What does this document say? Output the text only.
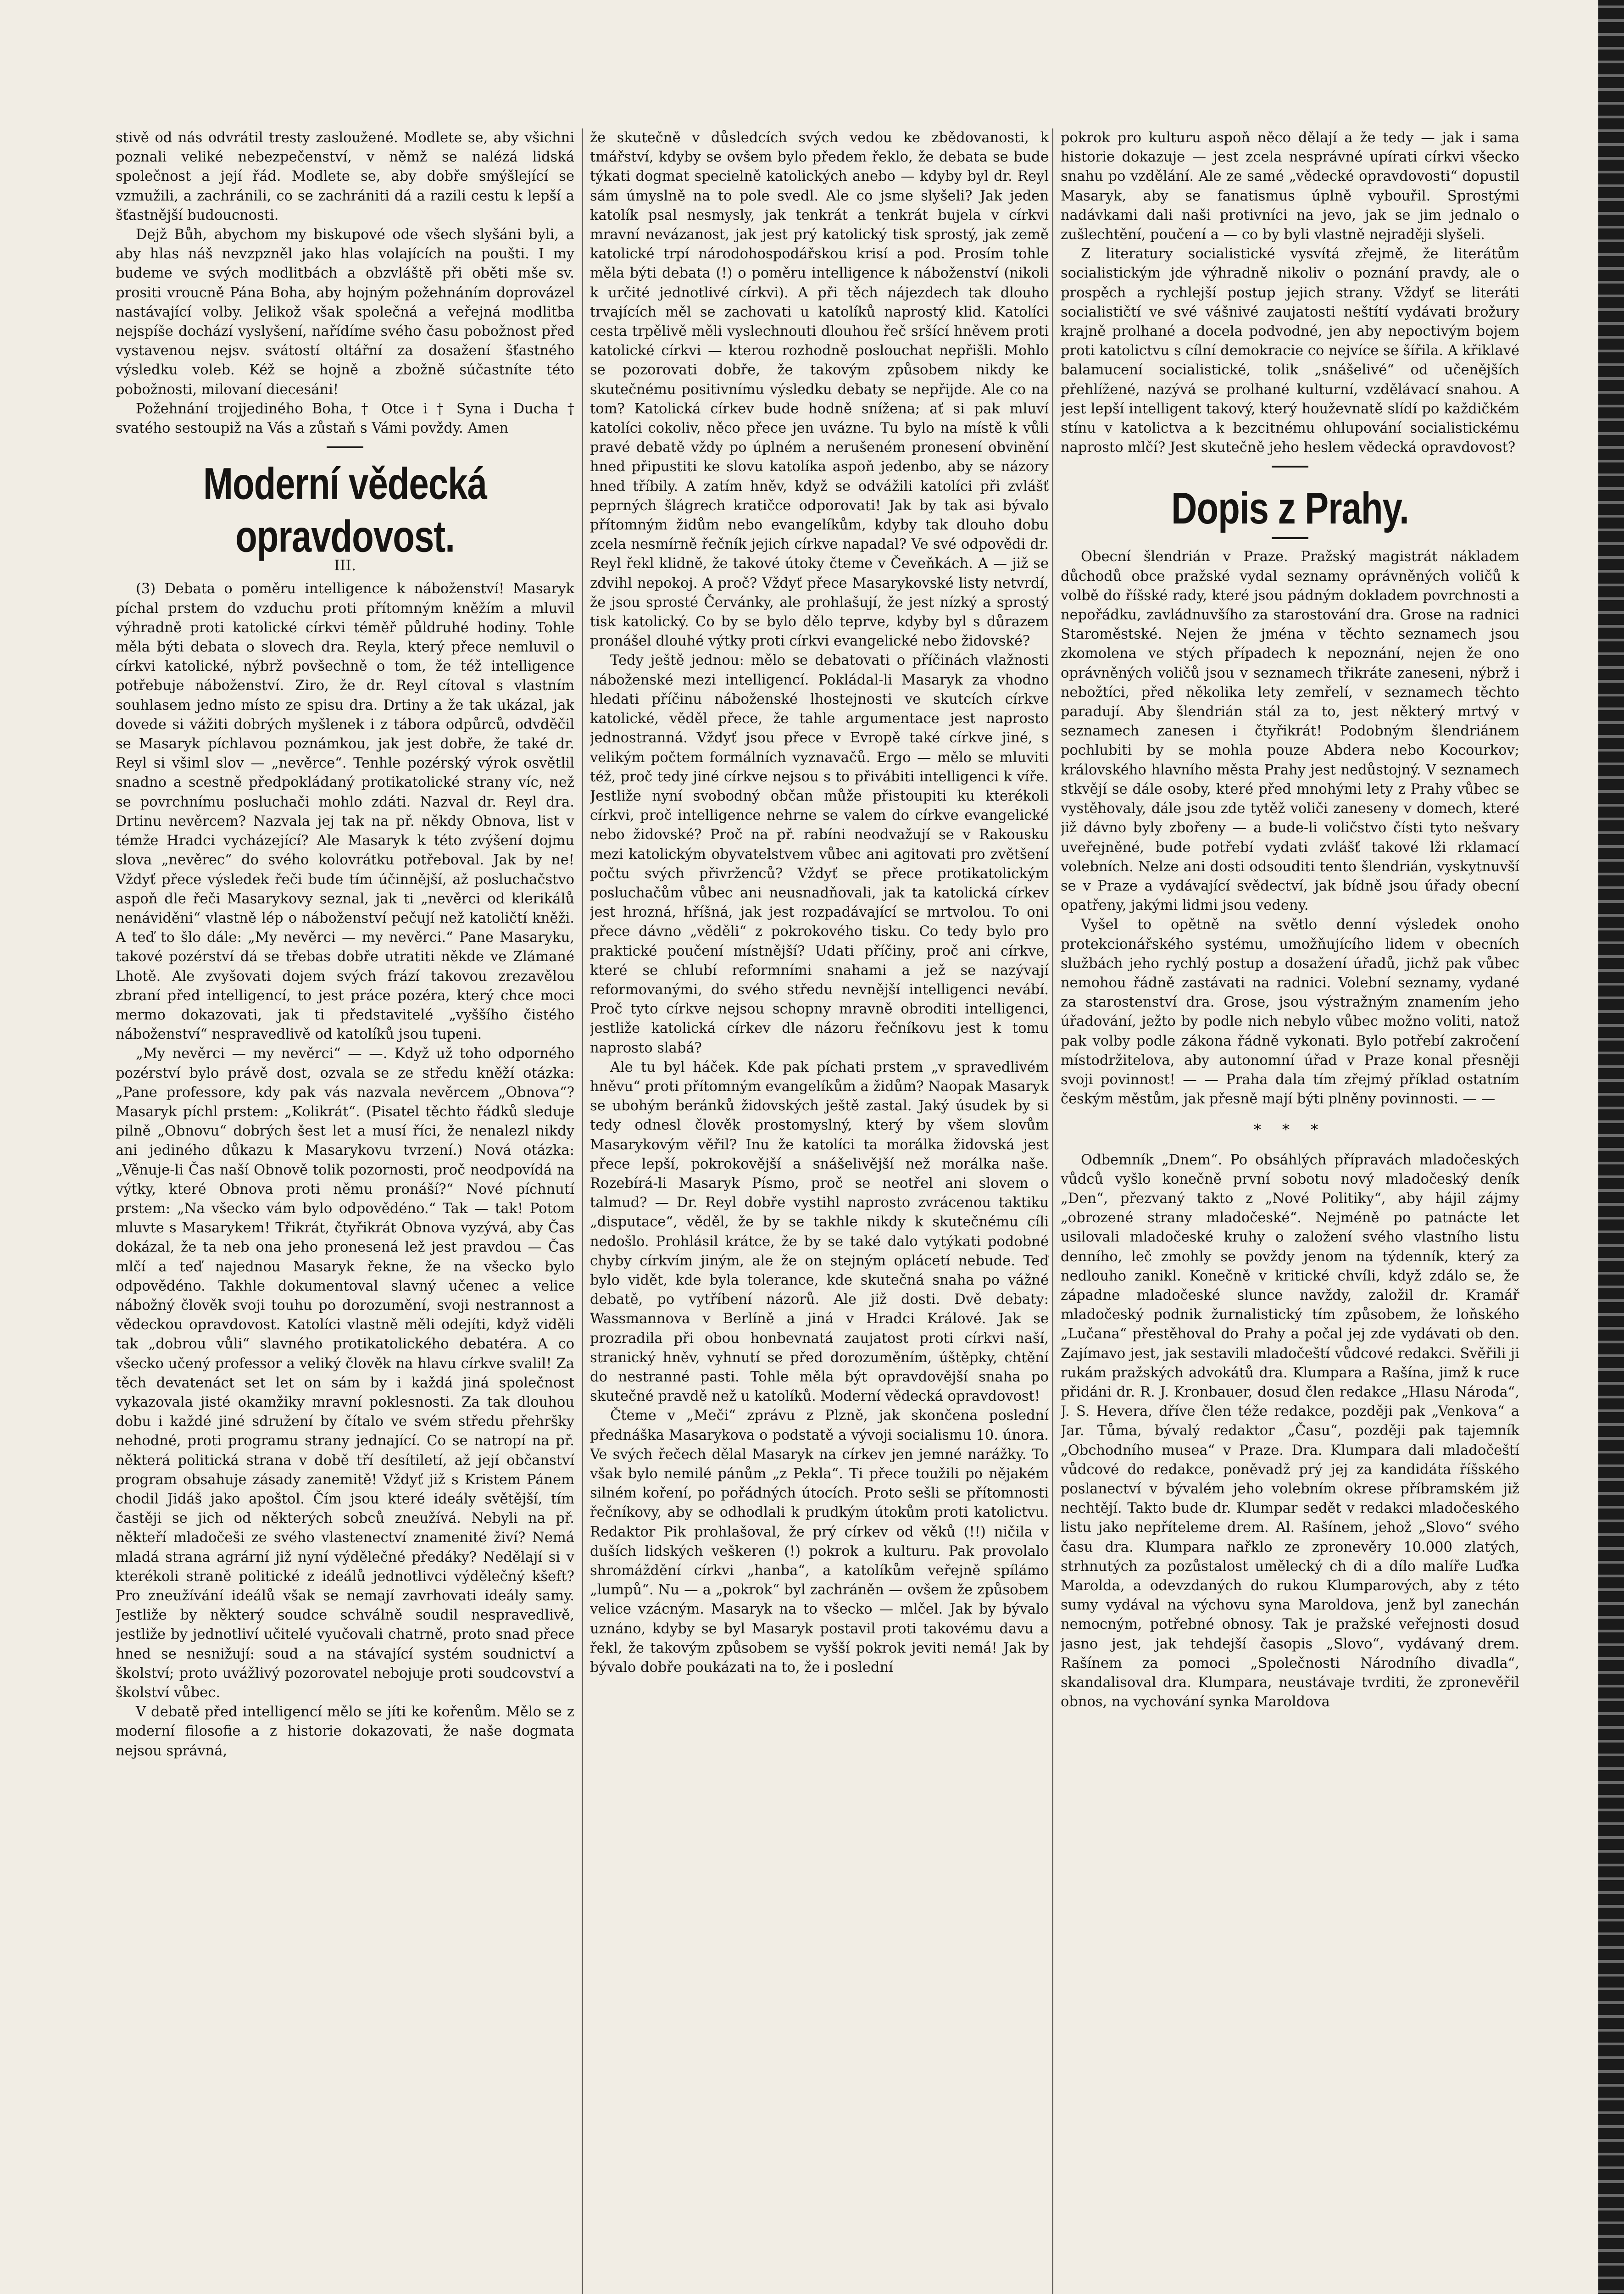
stivě od nás odvrátil tresty zasloužené. Modlete se, aby všichni poznali veliké nebezpečenství, v němž se nalézá lidská společnost a její řád. Modlete se, aby dobře smýšlející se vzmužili, a zachránili, co se zachrániti dá a razili cestu k lepší a šťastnější budoucnosti.

Dejž Bůh, abychom my biskupové ode všech slyšáni byli, a aby hlas náš nevzpzněl jako hlas volajících na poušti. I my budeme ve svých modlitbách a obzvláště při oběti mše sv. prositi vroucně Pána Boha, aby hojným požehnáním doprovázel nastávající volby. Jelikož však společná a veřejná modlitba nejspíše dochází vyslyšení, nařídíme svého času pobožnost před vystavenou nejsv. svátostí oltářní za dosažení šťastného výsledku voleb. Kéž se hojně a zbožně súčastníte této pobožnosti, milovaní diecesáni!

Požehnání trojjediného Boha, † Otce i † Syna i Ducha † svatého sestoupiž na Vás a zůstaň s Vámi povždy. Amen

Moderní vědecká opravdovost.
III.

(3) Debata o poměru intelligence k náboženství! Masaryk píchal prstem do vzduchu proti přítomným kněžím a mluvil výhradně proti katolické církvi téměř půldruhé hodiny. Tohle měla býti debata o slovech dra. Reyla, který přece nemluvil o církvi katolické, nýbrž povšechně o tom, že též intelligence potřebuje náboženství. Ziro, že dr. Reyl cítoval s vlastním souhlasem jedno místo ze spisu dra. Drtiny a že tak ukázal, jak dovede si vážiti dobrých myšlenek i z tábora odpůrců, odvděčil se Masaryk píchlavou poznámkou, jak jest dobře, že také dr. Reyl si všiml slov — „nevěrce“. Tenhle pozérský výrok osvětlil snadno a scestně předpokládaný protikatolické strany víc, než se povrchnímu posluchači mohlo zdáti. Nazval dr. Reyl dra. Drtinu nevěrcem? Nazvala jej tak na př. někdy Obnova, list v témže Hradci vycházející? Ale Masaryk k této zvýšení dojmu slova „nevěrec“ do svého kolovrátku potřeboval. Jak by ne! Vždyť přece výsledek řeči bude tím účinnější, až posluchačstvo aspoň dle řeči Masarykovy seznal, jak ti „nevěrci od klerikálů nenáviděni“ vlastně lép o náboženství pečují než katoličtí kněži. A teď to šlo dále: „My nevěrci — my nevěrci.“ Pane Masaryku, takové pozérství dá se třebas dobře utratiti někde ve Zlámané Lhotě. Ale zvyšovati dojem svých frází takovou zrezavělou zbraní před intelligencí, to jest práce pozéra, který chce moci mermo dokazovati, jak ti představitelé „vyššího čistého náboženství“ nespravedlivě od katolíků jsou tupeni.

„My nevěrci — my nevěrci“ — —. Když už toho odporného pozérství bylo právě dost, ozvala se ze středu kněží otázka: „Pane professore, kdy pak vás nazvala nevěrcem „Obnova“? Masaryk píchl prstem: „Kolikrát“. (Pisatel těchto řádků sleduje pilně „Obnovu“ dobrých šest let a musí říci, že nenalezl nikdy ani jediného důkazu k Masarykovu tvrzení.) Nová otázka: „Věnuje-li Čas naší Obnově tolik pozornosti, proč neodpovídá na výtky, které Obnova proti němu pronáší?“ Nové píchnutí prstem: „Na všecko vám bylo odpovědéno.“ Tak — tak! Potom mluvte s Masarykem! Třikrát, čtyřikrát Obnova vyzývá, aby Čas dokázal, že ta neb ona jeho pronesená lež jest pravdou — Čas mlčí a teď najednou Masaryk řekne, že na všecko bylo odpovědéno. Takhle dokumentoval slavný učenec a velice nábožný člověk svoji touhu po dorozumění, svoji nestrannost a vědeckou opravdovost. Katolíci vlastně měli odejíti, když viděli tak „dobrou vůli“ slavného protikatolického debatéra. A co všecko učený professor a veliký člověk na hlavu církve svalil! Za těch devatenáct set let on sám by i každá jiná společnost vykazovala jisté okamžiky mravní poklesnosti. Za tak dlouhou dobu i každé jiné sdružení by čítalo ve svém středu přehršky nehodné, proti programu strany jednající. Co se natropí na př. některá politická strana v době tří desítiletí, až její občanství program obsahuje zásady zanemitě! Vždyť již s Kristem Pánem chodil Jidáš jako apoštol. Čím jsou které ideály světější, tím častěji se jich od některých sobců zneužívá. Nebyli na př. někteří mladočeši ze svého vlastenectví znamenité živí? Nemá mladá strana agrární již nyní výdělečné předáky? Nedělají si v kterékoli straně politické z ideálů jednotlivci výdělečný kšeft? Pro zneužívání ideálů však se nemají zavrhovati ideály samy. Jestliže by některý soudce schválně soudil nespravedlivě, jestliže by jednotliví učitelé vyučovali chatrně, proto snad přece hned se nesnižují: soud a na stávající systém soudnictví a školství; proto uvážlivý pozorovatel nebojuje proti soudcovství a školství vůbec.

V debatě před intelligencí mělo se jíti ke kořenům. Mělo se z moderní filosofie a z historie dokazovati, že naše dogmata nejsou správná,

že skutečně v důsledcích svých vedou ke zbědovanosti, k tmářství, kdyby se ovšem bylo předem řeklo, že debata se bude týkati dogmat specielně katolických anebo — kdyby byl dr. Reyl sám úmyslně na to pole svedl. Ale co jsme slyšeli? Jak jeden katolík psal nesmysly, jak tenkrát a tenkrát bujela v církvi mravní nevázanost, jak jest prý katolický tisk sprostý, jak země katolické trpí národohospodářskou krisí a pod. Prosím tohle měla býti debata (!) o poměru intelligence k náboženství (nikoli k určité jednotlivé církvi). A při těch nájezdech tak dlouho trvajících měl se zachovati u katolíků naprostý klid. Katolíci cesta trpělivě měli vyslechnouti dlouhou řeč sršící hněvem proti katolické církvi — kterou rozhodně poslouchat nepřišli. Mohlo se pozorovati dobře, že takovým způsobem nikdy ke skutečnému positivnímu výsledku debaty se nepřijde. Ale co na tom? Katolická církev bude hodně snížena; ať si pak mluví katolíci cokoliv, něco přece jen uvázne. Tu bylo na místě k vůli pravé debatě vždy po úplném a nerušeném pronesení obvinění hned připustiti ke slovu katolíka aspoň jedenbo, aby se názory hned tříbily. A zatím hněv, když se odvážili katolíci při zvlášť peprných šlágrech kratičce odporovati! Jak by tak asi bývalo přítomným židům nebo evangelíkům, kdyby tak dlouho dobu zcela nesmírně řečník jejich církve napadal? Ve své odpovědi dr. Reyl řekl klidně, že takové útoky čteme v Čeveňkách. A — již se zdvihl nepokoj. A proč? Vždyť přece Masarykovské listy netvrdí, že jsou sprosté Červánky, ale prohlašují, že jest nízký a sprostý tisk katolický. Co by se bylo dělo teprve, kdyby byl s důrazem pronášel dlouhé výtky proti církvi evangelické nebo židovské?

Tedy ještě jednou: mělo se debatovati o příčinách vlažnosti náboženské mezi intelligencí. Pokládal-li Masaryk za vhodno hledati příčinu náboženské lhostejnosti ve skutcích církve katolické, věděl přece, že tahle argumentace jest naprosto jednostranná. Vždyť jsou přece v Evropě také církve jiné, s velikým počtem formálních vyznavačů. Ergo — mělo se mluviti též, proč tedy jiné církve nejsou s to přivábiti intelligenci k víře. Jestliže nyní svobodný občan může přistoupiti ku kterékoli církvi, proč intelligence nehrne se valem do církve evangelické nebo židovské? Proč na př. rabíni neodvažují se v Rakousku mezi katolickým obyvatelstvem vůbec ani agitovati pro zvětšení počtu svých přivrženců? Vždyť se přece protikatolickým posluchačům vůbec ani neusnadňovali, jak ta katolická církev jest hrozná, hříšná, jak jest rozpadávající se mrtvolou. To oni přece dávno „věděli“ z pokrokového tisku. Co tedy bylo pro praktické poučení místnější? Udati příčiny, proč ani církve, které se chlubí reformními snahami a jež se nazývají reformovanými, do svého středu nevnější intelligenci nevábí. Proč tyto církve nejsou schopny mravně obroditi intelligenci, jestliže katolická církev dle názoru řečníkovu jest k tomu naprosto slabá?

Ale tu byl háček. Kde pak píchati prstem „v spravedlivém hněvu“ proti přítomným evangelíkům a židům? Naopak Masaryk se ubohým beránků židovských ještě zastal. Jaký úsudek by si tedy odnesl člověk prostomyslný, který by všem slovům Masarykovým věřil? Inu že katolíci ta morálka židovská jest přece lepší, pokrokovější a snášelivější než morálka naše. Rozebírá-li Masaryk Písmo, proč se neotřel ani slovem o talmud? — Dr. Reyl dobře vystihl naprosto zvrácenou taktiku „disputace“, věděl, že by se takhle nikdy k skutečnému cíli nedošlo. Prohlásil krátce, že by se také dalo vytýkati podobné chyby církvím jiným, ale že on stejným oplácetí nebude. Teď bylo vidět, kde byla tolerance, kde skutečná snaha po vážné debatě, po vytříbení názorů. Ale již dosti. Dvě debaty: Wassmannova v Berlíně a jiná v Hradci Králové. Jak se prozradila při obou honbevnatá zaujatost proti církvi naší, stranický hněv, vyhnutí se před dorozuměním, úštěpky, chtění do nestranné pasti. Tohle měla být opravdovější snaha po skutečné pravdě než u katolíků. Moderní vědecká opravdovost!

Čteme v „Meči“ zprávu z Plzně, jak skončena poslední přednáška Masarykova o podstatě a vývoji socialismu 10. února. Ve svých řečech dělal Masaryk na církev jen jemné narážky. To však bylo nemilé pánům „z Pekla“. Ti přece toužili po nějakém silném koření, po pořádných útocích. Proto sešli se přítomnosti řečníkovy, aby se odhodlali k prudkým útokům proti katolictvu. Redaktor Pik prohlašoval, že prý církev od věků (!!) ničila v duších lidských veškeren (!) pokrok a kulturu. Pak provolalo shromáždění církvi „hanba“, a katolíkům veřejně spílámo „lumpů“. Nu — a „pokrok“ byl zachráněn — ovšem že způsobem velice vzácným. Masaryk na to všecko — mlčel. Jak by bývalo uznáno, kdyby se byl Masaryk postavil proti takovému davu a řekl, že takovým způsobem se vyšší pokrok jeviti nemá! Jak by bývalo dobře poukázati na to, že i poslední

pokrok pro kulturu aspoň něco dělají a že tedy — jak i sama historie dokazuje — jest zcela nesprávné upírati církvi všecko snahu po vzdělání. Ale ze samé „vědecké opravdovosti“ dopustil Masaryk, aby se fanatismus úplně vybouřil. Sprostými nadávkami dali naši protivníci na jevo, jak se jim jednalo o zušlechtění, poučení a — co by byli vlastně nejraději slyšeli.

Z literatury socialistické vysvítá zřejmě, že literátům socialistickým jde výhradně nikoliv o poznání pravdy, ale o prospěch a rychlejší postup jejich strany. Vždyť se literáti socialističtí ve své vášnivé zaujatosti neštítí vydávati brožury krajně prolhané a docela podvodné, jen aby nepoctivým bojem proti katolictvu s cílní demokracie co nejvíce se šířila. A křiklavé balamucení socialistické, tolik „snášelivé“ od učenějších přehlížené, nazývá se prolhané kulturní, vzdělávací snahou. A jest lepší intelligent takový, který houževnatě slídí po každičkém stínu v katolictva a k bezcitnému ohlupování socialistickému naprosto mlčí? Jest skutečně jeho heslem vědecká opravdovost?

Dopis z Prahy.

Obecní šlendrián v Praze. Pražský magistrát nákladem důchodů obce pražské vydal seznamy oprávněných voličů k volbě do říšské rady, které jsou pádným dokladem povrchnosti a nepořádku, zavládnuvšího za starostování dra. Grose na radnici Staroměstské. Nejen že jména v těchto seznamech jsou zkomolena ve stých případech k nepoznání, nejen že ono oprávněných voličů jsou v seznamech třikráte zaneseni, nýbrž i nebožtíci, před několika lety zemřelí, v seznamech těchto paradují. Aby šlendrián stál za to, jest některý mrtvý v seznamech zanesen i čtyřikrát! Podobným šlendriánem pochlubiti by se mohla pouze Abdera nebo Kocourkov; královského hlavního města Prahy jest nedůstojný. V seznamech stkvějí se dále osoby, které před mnohými lety z Prahy vůbec se vystěhovaly, dále jsou zde tytěž voliči zaneseny v domech, které již dávno byly zbořeny — a bude-li voličstvo čísti tyto nešvary uveřejněné, bude potřebí vydati zvlášť takové lži rklamací volebních. Nelze ani dosti odsouditi tento šlendrián, vyskytnuvší se v Praze a vydávající svědectví, jak bídně jsou úřady obecní opatřeny, jakými lidmi jsou vedeny.

Vyšel to opětně na světlo denní výsledek onoho protekcionářského systému, umožňujícího lidem v obecních službách jeho rychlý postup a dosažení úřadů, jichž pak vůbec nemohou řádně zastávati na radnici. Volební seznamy, vydané za starostenství dra. Grose, jsou výstražným znamením jeho úřadování, ježto by podle nich nebylo vůbec možno voliti, natož pak volby podle zákona řádně vykonati. Bylo potřebí zakročení místodržitelova, aby autonomní úřad v Praze konal přesněji svoji povinnost! — — Praha dala tím zřejmý příklad ostatním českým městům, jak přesně mají býti plněny povinnosti. — —

* * *

Odbemník „Dnem“. Po obsáhlých přípravách mladočeských vůdců vyšlo konečně první sobotu nový mladočeský deník „Den“, přezvaný takto z „Nové Politiky“, aby hájil zájmy „obrozené strany mladočeské“. Nejméně po patnácte let usilovali mladočeské kruhy o založení svého vlastního listu denního, leč zmohly se povždy jenom na týdenník, který za nedlouho zanikl. Konečně v kritické chvíli, když zdálo se, že západne mladočeské slunce navždy, založil dr. Kramář mladočeský podnik žurnalistický tím způsobem, že loňského „Lučana“ přestěhoval do Prahy a počal jej zde vydávati ob den. Zajímavo jest, jak sestavili mladočeští vůdcové redakci. Svěřili ji rukám pražských advokátů dra. Klumpara a Rašína, jimž k ruce přidáni dr. R. J. Kronbauer, dosud člen redakce „Hlasu Národa“, J. S. Hevera, dříve člen téže redakce, později pak „Venkova“ a Jar. Tůma, bývalý redaktor „Času“, později pak tajemník „Obchodního musea“ v Praze. Dra. Klumpara dali mladočeští vůdcové do redakce, poněvadž prý jej za kandidáta říšského poslanectví v bývalém jeho volebním okrese příbramském již nechtějí. Takto bude dr. Klumpar sedět v redakci mladočeského listu jako nepříteleme drem. Al. Rašínem, jehož „Slovo“ svého času dra. Klumpara nařklo ze zpronevěry 10.000 zlatých, strhnutých za pozůstalost umělecký ch di a dílo malíře Luďka Marolda, a odevzdaných do rukou Klumparových, aby z této sumy vydával na výchovu syna Maroldova, jenž byl zanechán nemocným, potřebné obnosy. Tak je pražské veřejnosti dosud jasno jest, jak tehdejší časopis „Slovo“, vydávaný drem. Rašínem za pomoci „Společnosti Národního divadla“, skandalisoval dra. Klumpara, neustávaje tvrditi, že zpronevěřil obnos, na vychování synka Maroldova
